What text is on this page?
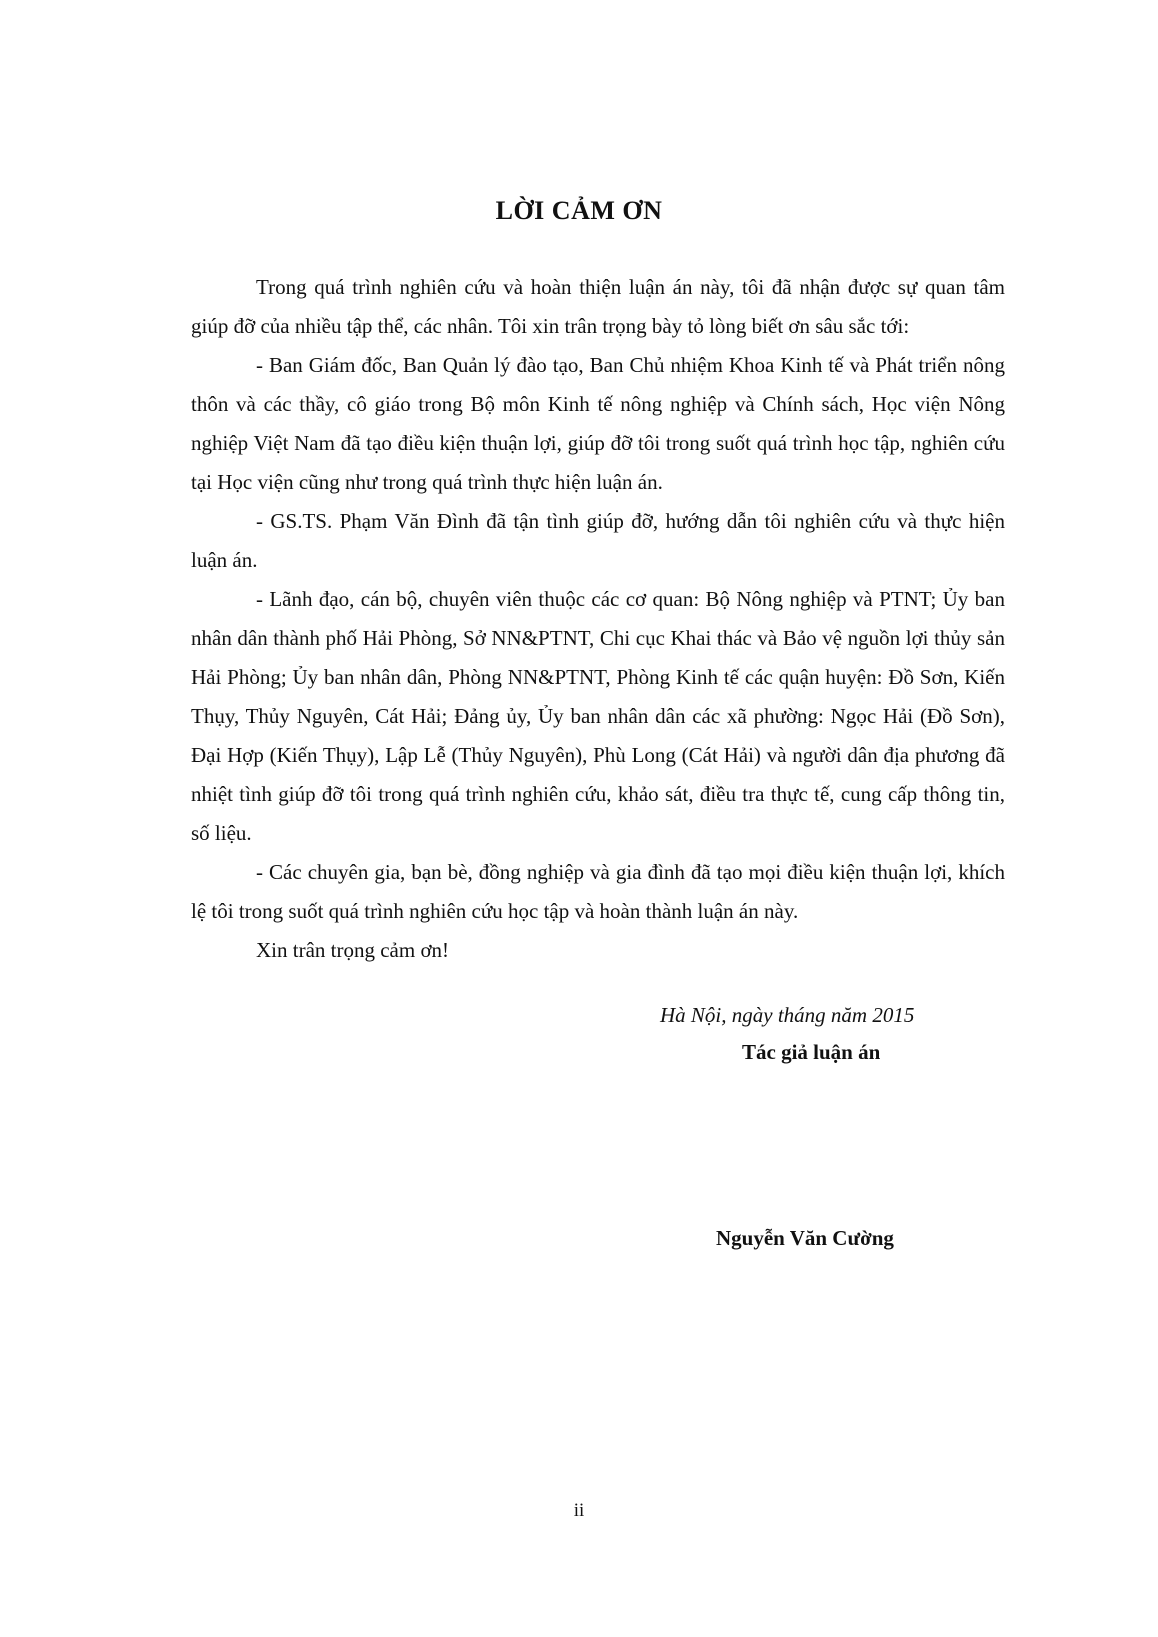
LỜI CẢM ƠN

Trong quá trình nghiên cứu và hoàn thiện luận án này, tôi đã nhận được sự quan tâm giúp đỡ của nhiều tập thể, các nhân. Tôi xin trân trọng bày tỏ lòng biết ơn sâu sắc tới:

- Ban Giám đốc, Ban Quản lý đào tạo, Ban Chủ nhiệm Khoa Kinh tế và Phát triển nông thôn và các thầy, cô giáo trong Bộ môn Kinh tế nông nghiệp và Chính sách, Học viện Nông nghiệp Việt Nam đã tạo điều kiện thuận lợi, giúp đỡ tôi trong suốt quá trình học tập, nghiên cứu tại Học viện cũng như trong quá trình thực hiện luận án.

- GS.TS. Phạm Văn Đình đã tận tình giúp đỡ, hướng dẫn tôi nghiên cứu và thực hiện luận án.

- Lãnh đạo, cán bộ, chuyên viên thuộc các cơ quan: Bộ Nông nghiệp và PTNT; Ủy ban nhân dân thành phố Hải Phòng, Sở NN&PTNT, Chi cục Khai thác và Bảo vệ nguồn lợi thủy sản Hải Phòng; Ủy ban nhân dân, Phòng NN&PTNT, Phòng Kinh tế các quận huyện: Đồ Sơn, Kiến Thụy, Thủy Nguyên, Cát Hải; Đảng ủy, Ủy ban nhân dân các xã phường: Ngọc Hải (Đồ Sơn), Đại Hợp (Kiến Thụy), Lập Lễ (Thủy Nguyên), Phù Long (Cát Hải) và người dân địa phương đã nhiệt tình giúp đỡ tôi trong quá trình nghiên cứu, khảo sát, điều tra thực tế, cung cấp thông tin, số liệu.

- Các chuyên gia, bạn bè, đồng nghiệp và gia đình đã tạo mọi điều kiện thuận lợi, khích lệ tôi trong suốt quá trình nghiên cứu học tập và hoàn thành luận án này.

Xin trân trọng cảm ơn!

Hà Nội, ngày tháng năm 2015
Tác giả luận án
Nguyễn Văn Cường
ii
